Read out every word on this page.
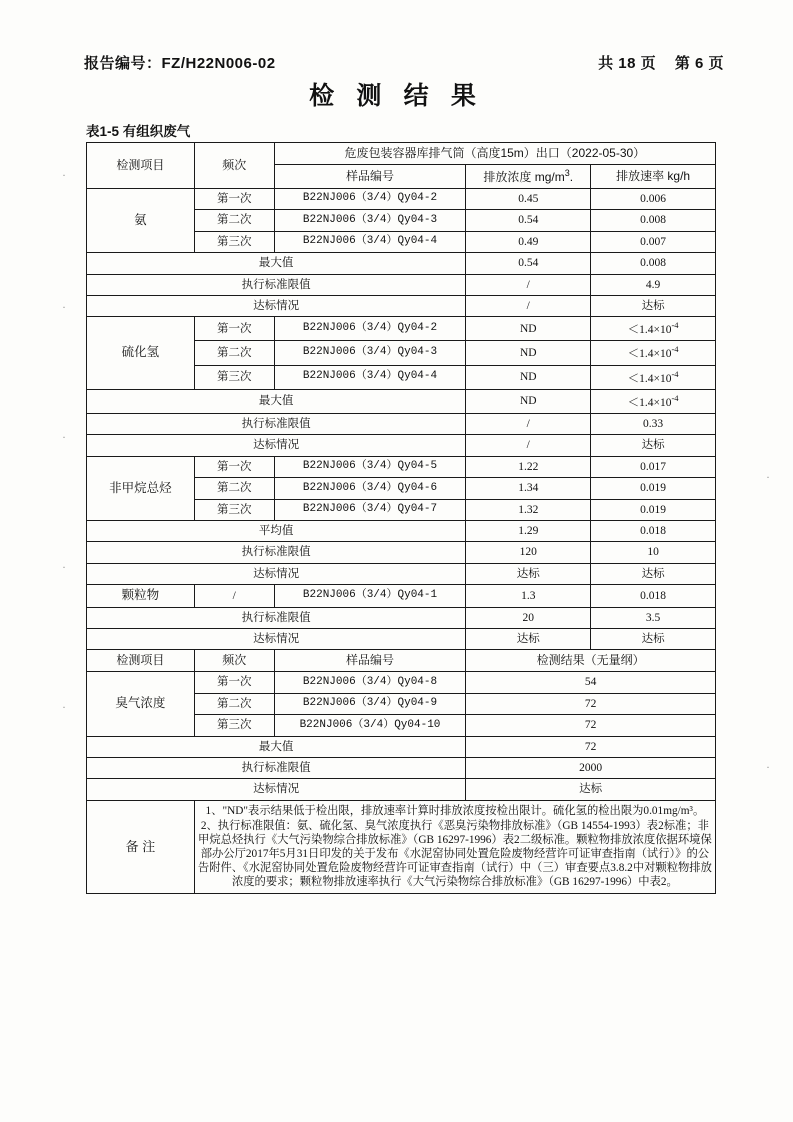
·
·
·
·
·
·
·
报告编号：FZ/H22N006-02	共 18 页 第 6 页
检 测 结 果
表1-5 有组织废气
检测项目	频次	危废包装容器库排气筒（高度15m）出口（2022-05-30）		
		样品编号	排放浓度 $mg/m^3$.	排放速率 kg/h
氨	第一次	B22NJ006（3/4）Qy04-2	0.45	0.006
	第二次	B22NJ006（3/4）Qy04-3	0.54	0.008
	第三次	B22NJ006（3/4）Qy04-4	0.49	0.007
最大值			0.54	0.008
执行标准限值			/	4.9
达标情况			/	达标
硫化氢	第一次	B22NJ006（3/4）Qy04-2	ND	$<1.4\times 10^{-4}$
	第二次	B22NJ006（3/4）Qy04-3	ND	$<1.4\times 10^{-4}$
	第三次	B22NJ006（3/4）Qy04-4	ND	$<1.4\times 10^{-4}$
最大值			ND	$<1.4\times 10^{-4}$
执行标准限值			/	0.33
达标情况			/	达标
非甲烷总烃	第一次	B22NJ006（3/4）Qy04-5	1.22	0.017
	第二次	B22NJ006（3/4）Qy04-6	1.34	0.019
	第三次	B22NJ006（3/4）Qy04-7	1.32	0.019
平均值			1.29	0.018
执行标准限值			120	10
达标情况			达标	达标
颗粒物	/	B22NJ006（3/4）Qy04-1	1.3	0.018
执行标准限值			20	3.5
达标情况			达标	达标
检测项目	频次	样品编号	检测结果（无量纲）	
臭气浓度	第一次	B22NJ006（3/4）Qy04-8	54	
	第二次	B22NJ006（3/4）Qy04-9	72	
	第三次	B22NJ006（3/4）Qy04-10	72	
最大值			72	
执行标准限值			2000	
达标情况			达标	
备 注	1、"ND"表示结果低于检出限，排放速率计算时排放浓度按检出限计。硫化氢的检出限为0.01mg/m³。

2、执行标准限值：氨、硫化氢、臭气浓度执行《恶臭污染物排放标准》（GB 14554-1993）表2标准；非甲烷总烃执行《大气污染物综合排放标准》（GB 16297-1996）表2二级标准。颗粒物排放浓度依据环境保部办公厅2017年5月31日印发的关于发布《水泥窑协同处置危险废物经营许可证审查指南（试行）》的公告附件、《水泥窑协同处置危险废物经营许可证审查指南（试行）中（三）审查要点3.8.2中对颗粒物排放浓度的要求；颗粒物排放速率执行《大气污染物综合排放标准》（GB 16297-1996）中表2。			
